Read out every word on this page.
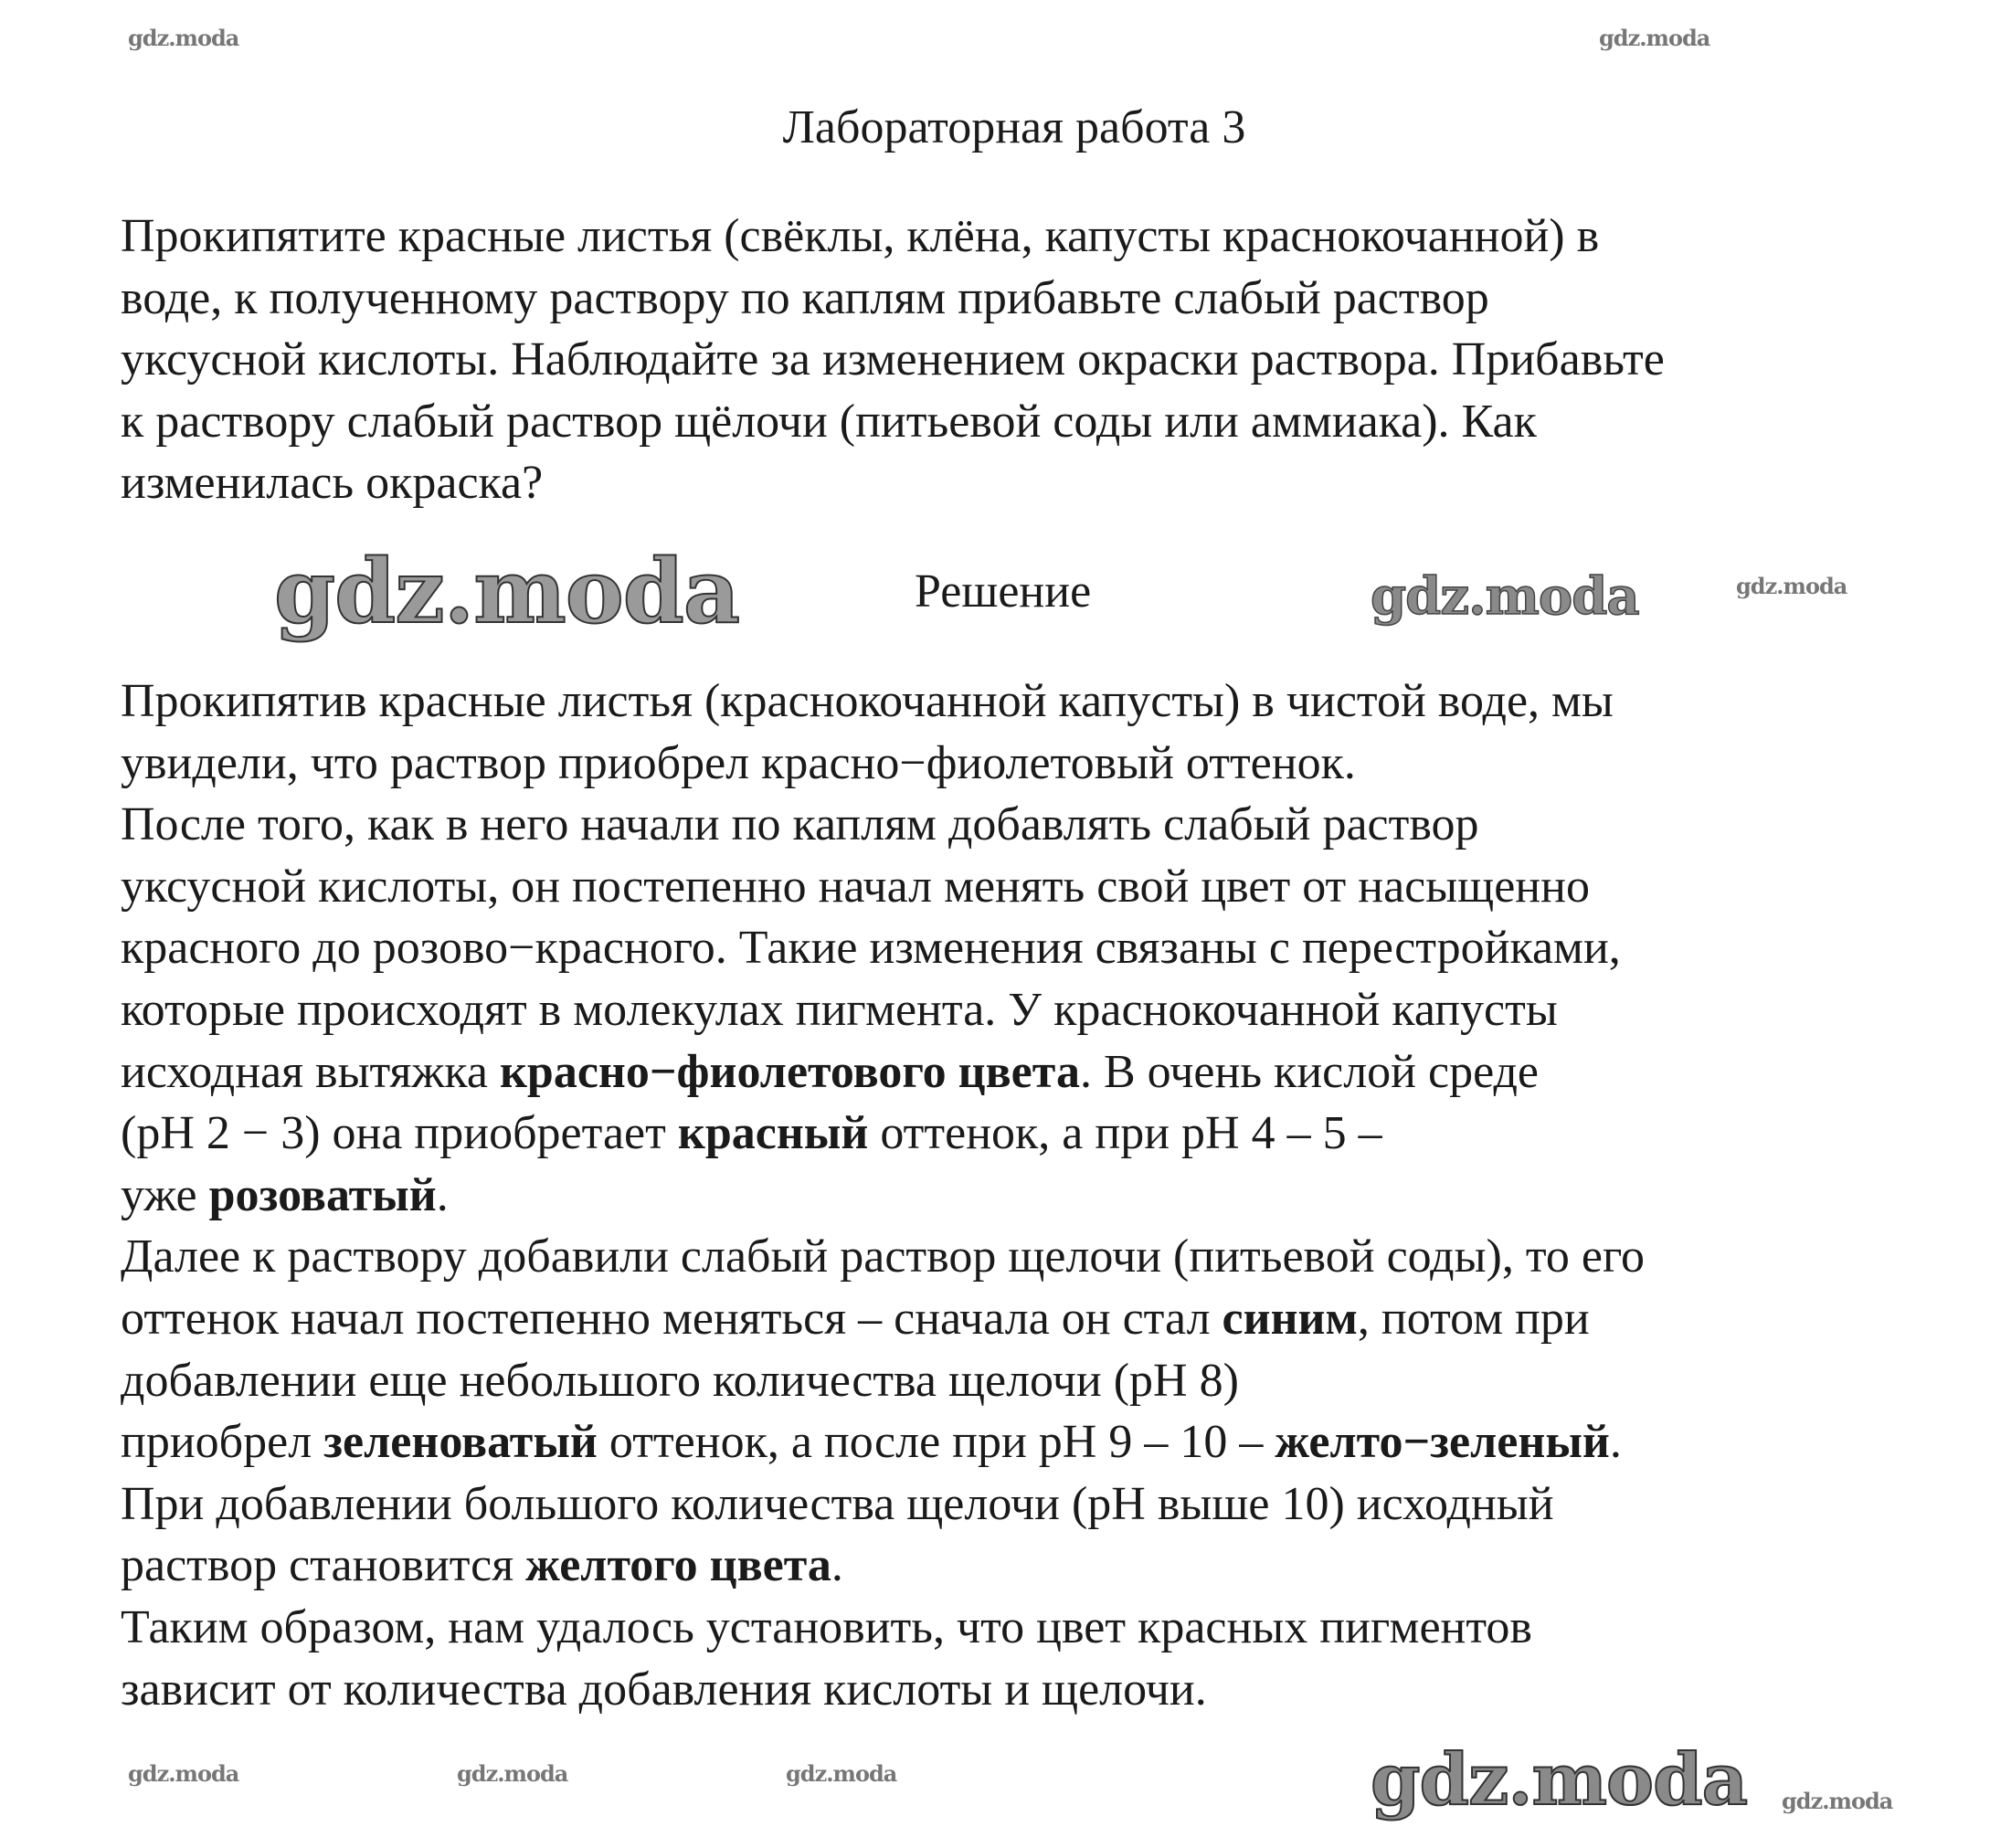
Лабораторная работа 3
Прокипятите красные листья (свёклы, клёна, капусты краснокочанной) в
воде, к полученному раствору по каплям прибавьте слабый раствор
уксусной кислоты. Наблюдайте за изменением окраски раствора. Прибавьте
к раствору слабый раствор щёлочи (питьевой соды или аммиака). Как
изменилась окраска?
Решение
Прокипятив красные листья (краснокочанной капусты) в чистой воде, мы
увидели, что раствор приобрел красно−фиолетовый оттенок.
После того, как в него начали по каплям добавлять слабый раствор
уксусной кислоты, он постепенно начал менять свой цвет от насыщенно
красного до розово−красного. Такие изменения связаны с перестройками,
которые происходят в молекулах пигмента. У краснокочанной капусты
исходная вытяжка красно−фиолетового цвета. В очень кислой среде
(pH 2 − 3) она приобретает красный оттенок, а при pH 4 – 5 –
уже розоватый.
Далее к раствору добавили слабый раствор щелочи (питьевой соды), то его
оттенок начал постепенно меняться – сначала он стал синим, потом при
добавлении еще небольшого количества щелочи (pH 8)
приобрел зеленоватый оттенок, а после при pH 9 – 10 – желто−зеленый.
При добавлении большого количества щелочи (pH выше 10) исходный
раствор становится желтого цвета.
Таким образом, нам удалось установить, что цвет красных пигментов
зависит от количества добавления кислоты и щелочи.
gdz.moda	gdz.moda
gdz.moda
gdz.moda
gdz.moda	gdz.moda
gdz.moda	gdz.moda	gdz.moda
gdz.moda
